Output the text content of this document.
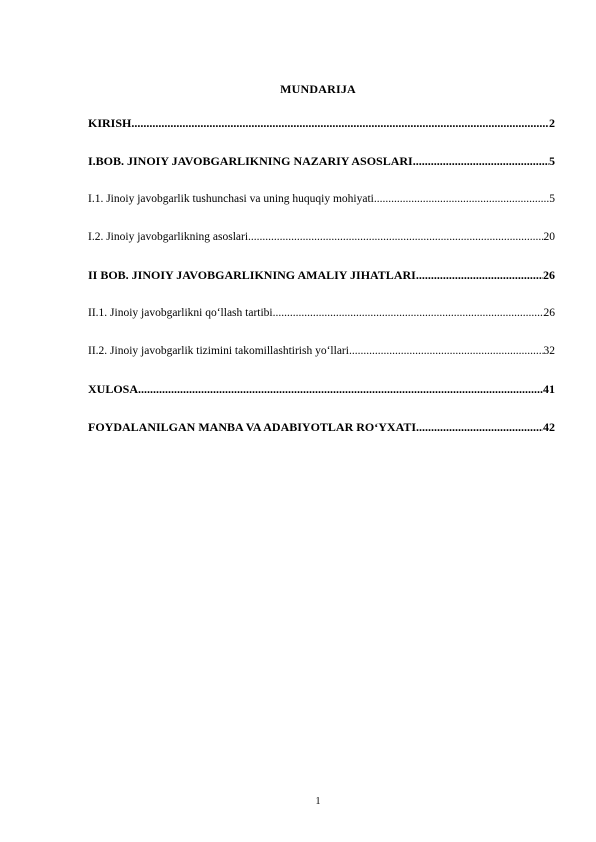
MUNDARIJA
KIRISH .....	2
I.BOB. JINOIY JAVOBGARLIKNING NAZARIY ASOSLARI .....	5
I.1. Jinoiy javobgarlik tushunchasi va uning huquqiy mohiyati .....	5
I.2. Jinoiy javobgarlikning asoslari .....	20
II BOB. JINOIY JAVOBGARLIKNING AMALIY JIHATLARI .....	26
II.1. Jinoiy javobgarlikni qo‘llash tartibi .....	26
II.2. Jinoiy javobgarlik tizimini takomillashtirish yo‘llari .....	32
XULOSA .....	41
FOYDALANILGAN MANBA VA ADABIYOTLAR RO‘YXATI .....	42
1
